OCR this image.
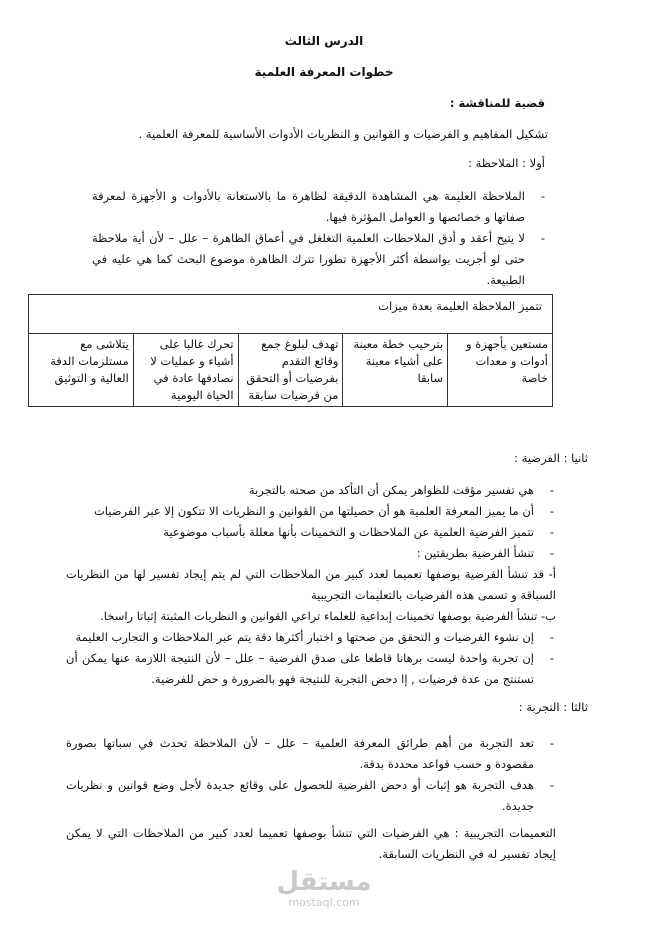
الدرس الثالث
خطوات المعرفة العلمية
قضية للمناقشة :
تشكيل المفاهيم و الفرضيات و القوانين و النظريات الأدوات الأساسية للمعرفة العلمية .
أولا : الملاحظة :
- الملاحظة العليمة هي المشاهدة الدقيقة لظاهرة ما بالاستعانة بالأدوات و الأجهزة لمعرفة صفاتها و خصائصها و العوامل المؤثرة فيها.
- لا يتيح أعقد و أدق الملاحظات العلمية التغلغل في أعماق الظاهرة – علل – لأن أية ملاحظة حتى لو أجريت بواسطة أكثر الأجهزة تطورا تترك الظاهرة موضوع البحث كما هي عليه في الطبيعة.
تتميز الملاحظة العليمة بعدة ميزات
مستعين بأجهزة و أدوات و معدات خاصة	بترحيب خطة معينة على أشياء معينة سابقا	تهدف لبلوغ جمع وقائع التقدم بفرضيات أو التحقق من فرضيات سابقة	تحرك غالبا على أشياء و عمليات لا نصادفها عادة في الحياة اليومية	يتلاشى مع مستلزمات الدقة العالية و التوثيق
ثانيا : الفرضية :
- هي تفسير مؤقت للظواهر يمكن أن التأكد من صحته بالتجربة
- أن ما يميز المعرفة العلمية هو أن حصيلتها من القوانين و النظريات الا تتكون إلا عبر الفرضيات
- تتميز الفرضية العلمية عن الملاحظات و التخمينات بأنها معللة بأسباب موضوعية
- تنشأ الفرضية بطريقتين :
أ- قد تنشأ الفرضية بوصفها تعميما لعدد كبير من الملاحظات التي لم يتم إيجاد تفسير لها من النظريات السباقة و تسمى هذه الفرضيات بالتعليمات التجريبية
ب- تنشأ الفرضية بوصفها تخمينات إبداعية للعلماء تراعي القوانين و النظريات المثبتة إثباتا راسخا.
- إن نشوء الفرضيات و التحقق من صحتها و اختبار أكثرها دقة يتم عبر الملاحظات و التجارب العليمة
- إن تجربة واحدة ليست برهانا قاطعا على صدق الفرضية – علل – لأن النتيجة اللازمة عنها يمكن أن تستنتج من عدة فرضيات , إا دحض التجربة للنتيجة فهو بالضرورة و حض للفرضية.
ثالثا : التجربة :
- تعد التجربة من أهم طرائق المعرفة العلمية – علل – لأن الملاحظة تحدث في سباتها بصورة مقصودة و حسب قواعد محددة بدقة.
- هدف التجربة هو إثبات أو دحض الفرضية للحصول على وقائع جديدة لأجل وضع قوانين و نظريات جديدة.
التعميمات التجريبية : هي الفرضيات التي تنشأ بوصفها تعميما لعدد كبير من الملاحظات التي لا يمكن إيجاد تفسير له في النظريات السابقة.
مستقل
mostaql.com
